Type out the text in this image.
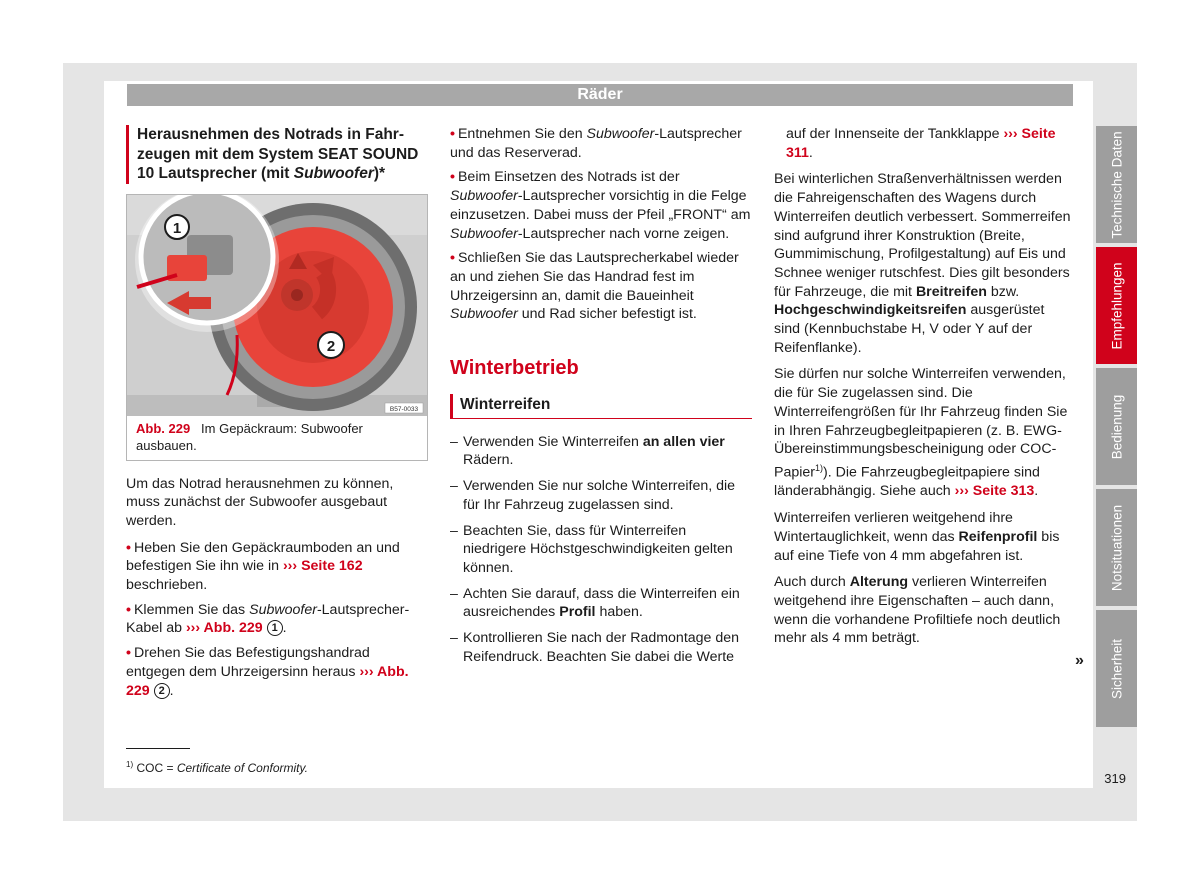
Räder
Herausnehmen des Notrads in Fahrzeugen mit dem System SEAT SOUND 10 Lautsprecher (mit Subwoofer)*
1
2
B57-0033
Abb. 229 Im Gepäckraum: Subwoofer ausbauen.

Um das Notrad herausnehmen zu können, muss zunächst der Subwoofer ausgebaut werden.

• Heben Sie den Gepäckraumboden an und befestigen Sie ihn wie in ››› Seite 162 beschrieben.
• Klemmen Sie das Subwoofer-Lautsprecher-Kabel ab ››› Abb. 229 1 .
• Drehen Sie das Befestigungshandrad entgegen dem Uhrzeigersinn heraus ››› Abb. 229 2 .
• Entnehmen Sie den Subwoofer-Lautsprecher und das Reserverad.
• Beim Einsetzen des Notrads ist der Subwoofer-Lautsprecher vorsichtig in die Felge einzusetzen. Dabei muss der Pfeil „FRONT“ am Subwoofer-Lautsprecher nach vorne zeigen.
• Schließen Sie das Lautsprecherkabel wieder an und ziehen Sie das Handrad fest im Uhrzeigersinn an, damit die Baueinheit Subwoofer und Rad sicher befestigt ist.
Winterbetrieb
Winterreifen
– Verwenden Sie Winterreifen an allen vier Rädern.
– Verwenden Sie nur solche Winterreifen, die für Ihr Fahrzeug zugelassen sind.
– Beachten Sie, dass für Winterreifen niedrigere Höchstgeschwindigkeiten gelten können.
– Achten Sie darauf, dass die Winterreifen ein ausreichendes Profil haben.
– Kontrollieren Sie nach der Radmontage den Reifendruck. Beachten Sie dabei die Werte

auf der Innenseite der Tankklappe ››› Seite 311.

Bei winterlichen Straßenverhältnissen werden die Fahreigenschaften des Wagens durch Winterreifen deutlich verbessert. Sommerreifen sind aufgrund ihrer Konstruktion (Breite, Gummimischung, Profilgestaltung) auf Eis und Schnee weniger rutschfest. Dies gilt besonders für Fahrzeuge, die mit Breitreifen bzw. Hochgeschwindigkeitsreifen ausgerüstet sind (Kennbuchstabe H, V oder Y auf der Reifenflanke).

Sie dürfen nur solche Winterreifen verwenden, die für Sie zugelassen sind. Die Winterreifengrößen für Ihr Fahrzeug finden Sie in Ihren Fahrzeugbegleitpapieren (z. B. EWG-Übereinstimmungsbescheinigung oder COC-Papier$^{1)}$). Die Fahrzeugbegleitpapiere sind länderabhängig. Siehe auch ››› Seite 313.

Winterreifen verlieren weitgehend ihre Wintertauglichkeit, wenn das Reifenprofil bis auf eine Tiefe von 4 mm abgefahren ist.

Auch durch Alterung verlieren Winterreifen weitgehend ihre Eigenschaften – auch dann, wenn die vorhandene Profiltiefe noch deutlich mehr als 4 mm beträgt.

»
Technische Daten
Empfehlungen
Bedienung
Notsituationen
Sicherheit
$^{1)}$ COC = Certificate of Conformity.
319
